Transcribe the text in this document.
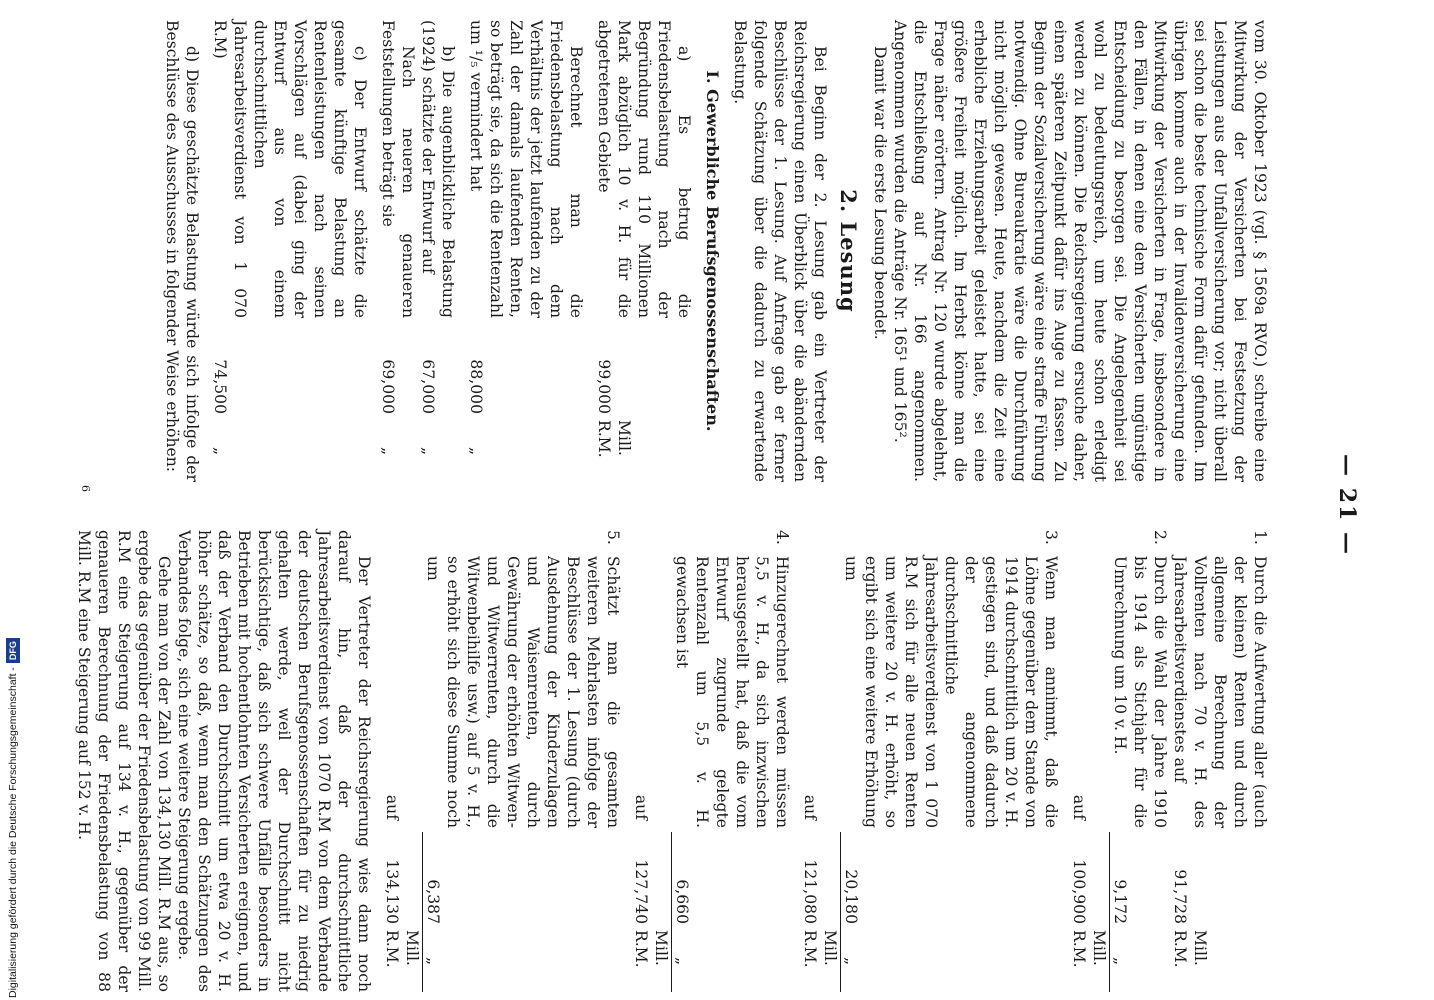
— 21 —

vom 30. Oktober 1923 (vgl. § 1569a RVO.) schreibe eine Mitwirkung der Versicherten bei Festsetzung der Leistungen aus der Unfallversicherung vor; nicht überall sei schon die beste technische Form dafür gefunden. Im übrigen komme auch in der Invalidenversicherung eine Mitwirkung der Versicherten in Frage, insbesondere in den Fällen, in denen eine dem Versicherten ungünstige Entscheidung zu besorgen sei. Die Angelegenheit sei wohl zu bedeutungsreich, um heute schon erledigt werden zu können. Die Reichsregierung ersuche daher, einen späteren Zeitpunkt dafür ins Auge zu fassen. Zu Beginn der Sozialversicherung wäre eine straffe Führung notwendig. Ohne Bureaukratie wäre die Durchführung nicht möglich gewesen. Heute, nachdem die Zeit eine erhebliche Erziehungsarbeit geleistet hatte, sei eine größere Freiheit möglich. Im Herbst könne man die Frage näher erörtern. Antrag Nr. 120 wurde abgelehnt, die Entschließung auf Nr. 166 angenommen. Angenommen wurden die Anträge Nr. 165¹ und 165².

Damit war die erste Lesung beendet.

2. Lesung

Bei Beginn der 2. Lesung gab ein Vertreter der Reichsregierung einen Überblick über die abändernden Beschlüsse der 1. Lesung. Auf Anfrage gab er ferner folgende Schätzung über die dadurch zu erwartende Belastung.

I. Gewerbliche Berufsgenossenschaften.
a) Es betrug die Friedensbelastung nach der Begründung rund 110 Millionen Mark abzüglich 10 v. H. für die abgetretenen Gebiete
99,000
Mill. R.M.
Berechnet man die Friedensbelastung nach dem Verhältnis der jetzt laufenden zu der Zahl der damals laufenden Renten, so beträgt sie, da sich die Rentenzahl um ¹/₅ vermindert hat
88,000
„
b) Die augenblickliche Belastung (1924) schätzte der Entwurf auf
67,000
„
Nach neueren genaueren Feststellungen beträgt sie
69,000
„
c) Der Entwurf schätzte die gesamte künftige Belastung an Rentenleistungen nach seinen Vorschlägen auf (dabei ging der Entwurf aus von einem durchschnittlichen Jahresarbeitsverdienst von 1 070 R.M)
74,500
„

d) Diese geschätzte Belastung würde sich infolge der Beschlüsse des Ausschusses in folgender Weise erhöhen:

1.
Durch die Aufwertung aller (auch der kleinen) Renten und durch allgemeine Berechnung der Vollrenten nach 70 v. H. des Jahresarbeitsverdienstes auf
91,728
Mill. R.M.
2.
Durch die Wahl der Jahre 1910 bis 1914 als Stichjahr für die Umrechnung um 10 v. H.
9,172
„
auf
100,900
Mill. R.M.
3.
Wenn man annimmt, daß die Löhne gegenüber dem Stande von 1914 durchschnittlich um 20 v. H. gestiegen sind, und daß dadurch der angenommene durchschnittliche Jahresarbeitsverdienst von 1 070 R.M sich für alle neuen Renten um weitere 20 v. H. erhöht, so ergibt sich eine weitere Erhöhung um
20,180
„
auf
121,080
Mill. R.M.
4.
Hinzugerechnet werden müssen 5,5 v. H., da sich inzwischen herausgestellt hat, daß die vom Entwurf zugrunde gelegte Rentenzahl um 5,5 v. H. gewachsen ist
6,660
„
auf
127,740
Mill. R.M.
5.
Schätzt man die gesamten weiteren Mehrlasten infolge der Beschlüsse der 1. Lesung (durch Ausdehnung der Kinderzulagen und Waisenrenten, durch Gewährung der erhöhten Witwen- und Witwerrenten, durch die Witwenbeihilfe usw.) auf 5 v. H., so erhöht sich diese Summe noch um
6,387
„
auf
134,130
Mill. R.M.

Der Vertreter der Reichsregierung wies dann noch darauf hin, daß der durchschnittliche Jahresarbeitsverdienst von 1070 R.M von dem Verbande der deutschen Berufsgenossenschaften für zu niedrig gehalten werde, weil der Durchschnitt nicht berücksichtige, daß sich schwere Unfälle besonders in Betrieben mit hochentlohnten Versicherten ereignen, und daß der Verband den Durchschnitt um etwa 20 v. H. höher schätze, so daß, wenn man den Schätzungen des Verbandes folge, sich eine weitere Steigerung ergebe.

Gehe man von der Zahl von 134,130 Mill. R.M aus, so ergebe das gegenüber der Friedensbelastung von 99 Mill. R.M eine Steigerung auf 134 v. H., gegenüber der genaueren Berechnung der Friedensbelastung von 88 Mill. R.M eine Steigerung auf 152 v. H.

6
Digitalisierung gefördert durch die Deutsche Forschungsgemeinschaft -DFG
